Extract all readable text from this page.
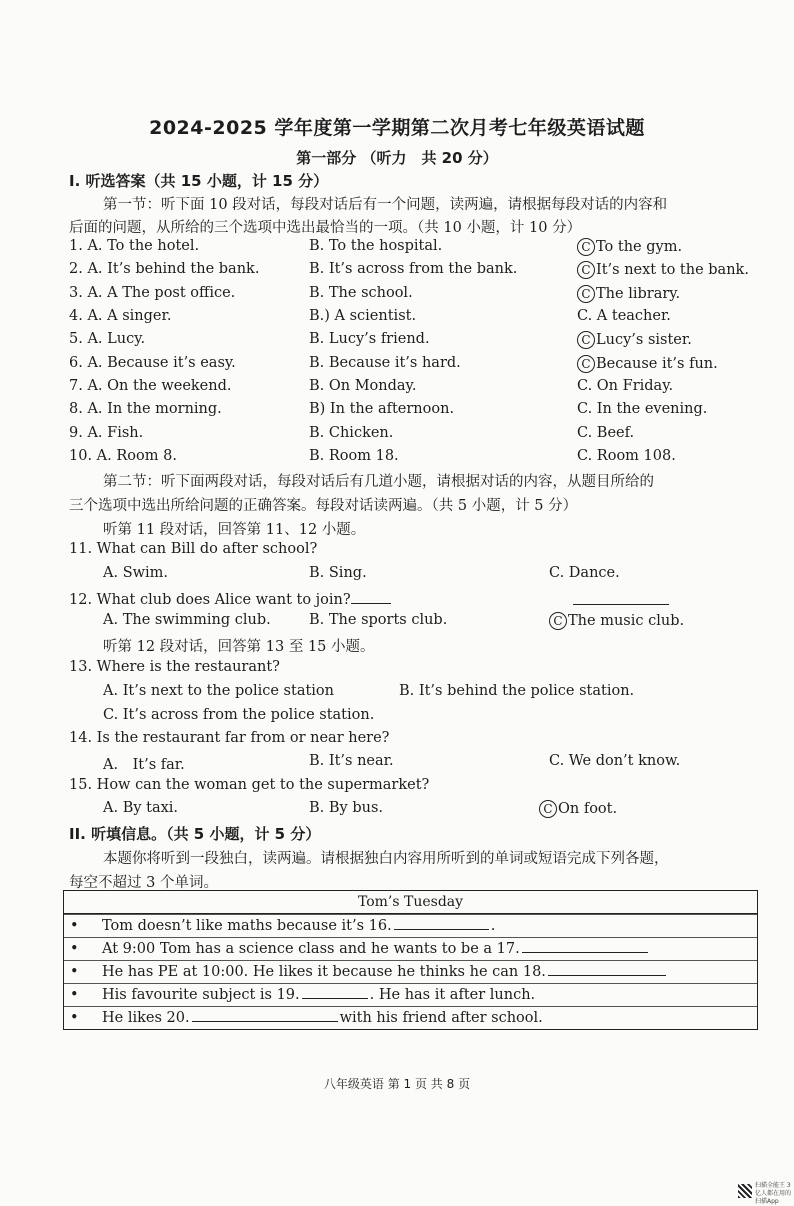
2024-2025 学年度第一学期第二次月考七年级英语试题
第一部分 （听力　共 20 分）
I. 听选答案（共 15 小题，计 15 分）
第一节：听下面 10 段对话，每段对话后有一个问题，读两遍，请根据每段对话的内容和
后面的问题，从所给的三个选项中选出最恰当的一项。（共 10 小题，计 10 分）
1. A. To the hotel.	B. To the hospital.	C To the gym.
2. A. It’s behind the bank.	B. It’s across from the bank.	C It’s next to the bank.
3. A. A The post office.	B. The school.	C The library.
4. A. A singer.	B.) A scientist.	C. A teacher.
5. A. Lucy.	B. Lucy’s friend.	C Lucy’s sister.
6. A. Because it’s easy.	B. Because it’s hard.	C Because it’s fun.
7. A. On the weekend.	B. On Monday.	C. On Friday.
8. A. In the morning.	B) In the afternoon.	C. In the evening.
9. A. Fish.	B. Chicken.	C. Beef.
10. A. Room 8.	B. Room 18.	C. Room 108.
第二节：听下面两段对话，每段对话后有几道小题，请根据对话的内容，从题目所给的
三个选项中选出所给问题的正确答案。每段对话读两遍。（共 5 小题，计 5 分）
听第 11 段对话，回答第 11、12 小题。
11. What can Bill do after school?
A. Swim.	B. Sing.	C. Dance.
12. What club does Alice want to join?
A. The swimming club.	B. The sports club.	C The music club.
听第 12 段对话，回答第 13 至 15 小题。
13. Where is the restaurant?
A. It’s next to the police station	B. It’s behind the police station.
C. It’s across from the police station.
14. Is the restaurant far from or near here?
A.　It’s far.	B. It’s near.	C. We don’t know.
15. How can the woman get to the supermarket?
A. By taxi.	B. By bus.	C On foot.
II. 听填信息。（共 5 小题，计 5 分）
本题你将听到一段独白，读两遍。请根据独白内容用所听到的单词或短语完成下列各题，
每空不超过 3 个单词。
Tom’s Tuesday
• Tom doesn’t like maths because it’s 16.	.
• At 9:00 Tom has a science class and he wants to be a 17.
• He has PE at 10:00. He likes it because he thinks he can 18.
• His favourite subject is 19.	. He has it after lunch.
• He likes 20.	with his friend after school.
八年级英语 第 1 页 共 8 页
扫描全能王 3亿人都在用的扫描App
